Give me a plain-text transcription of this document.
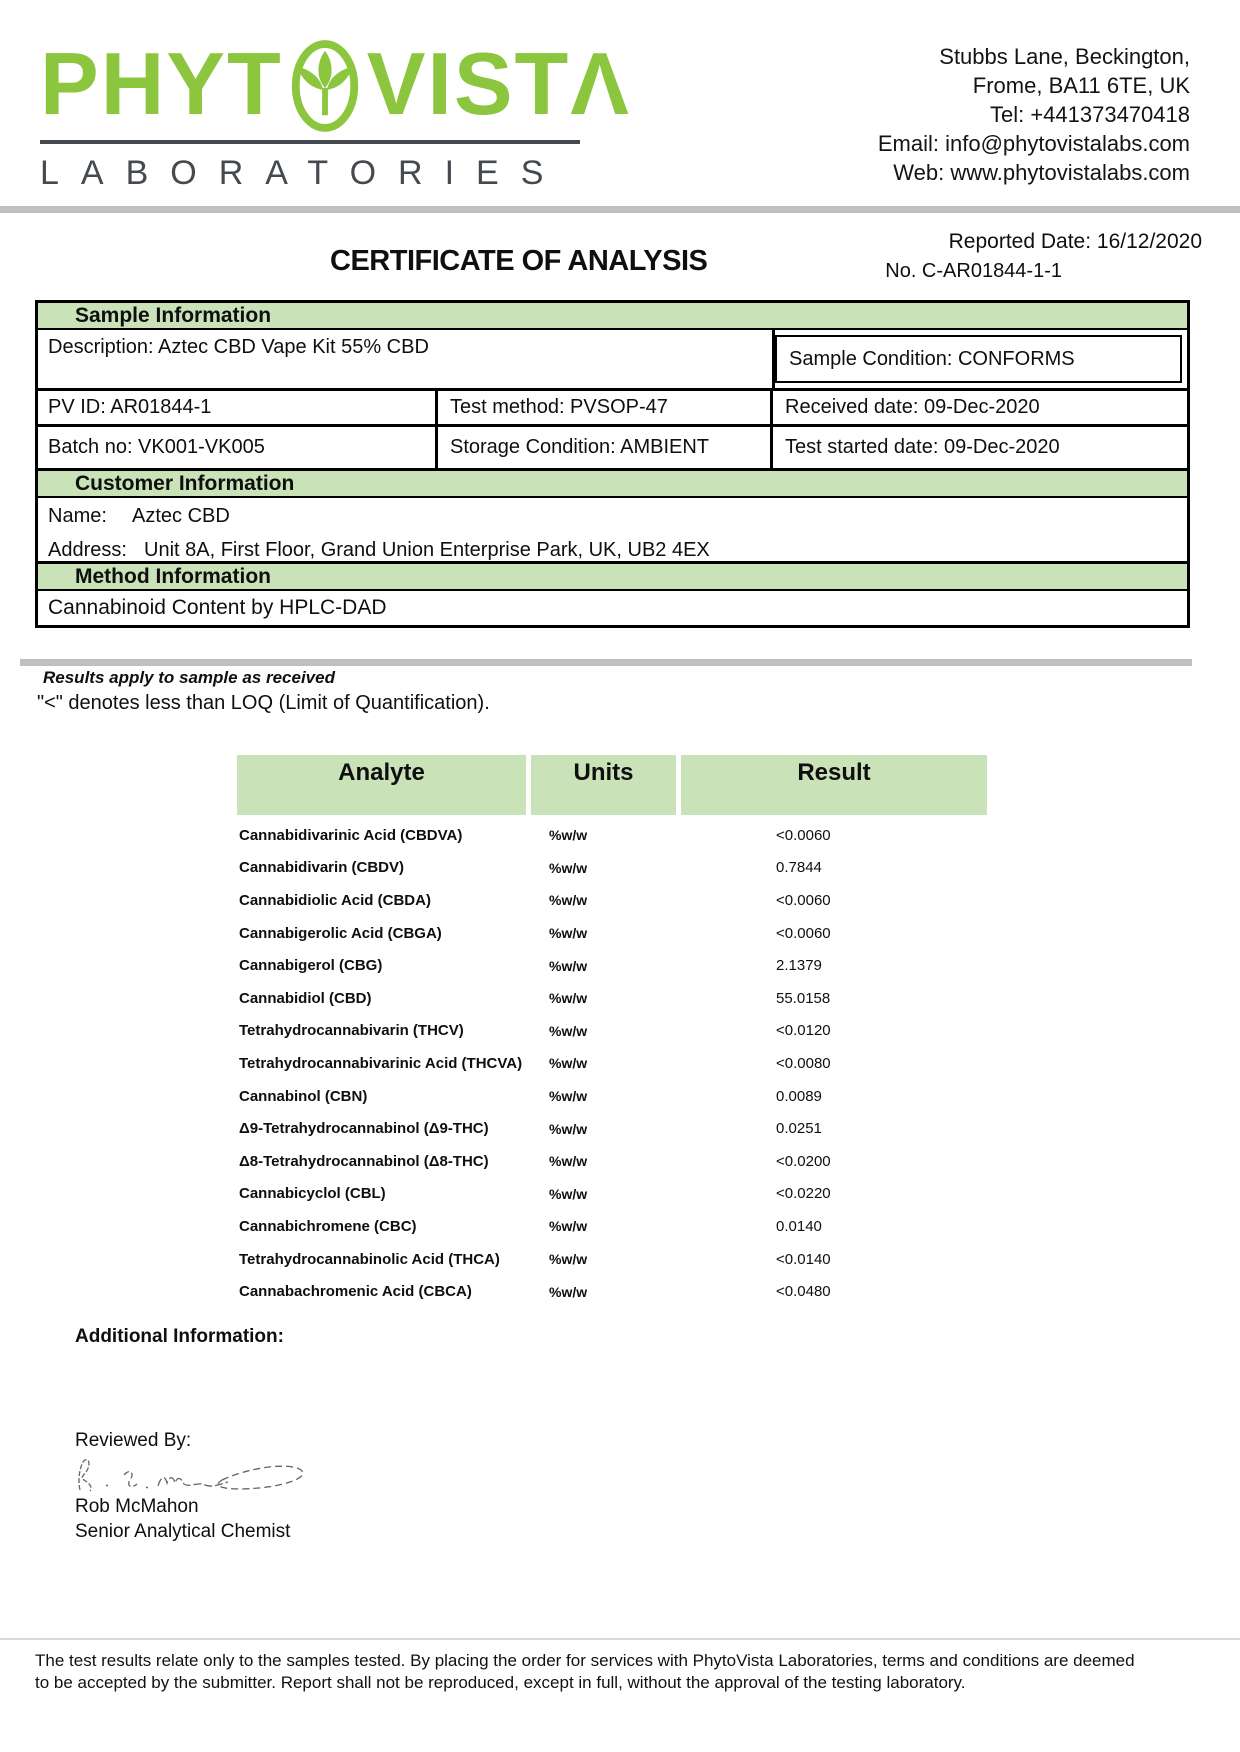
PHYT VISTΛ
LABORATORIES
Stubbs Lane, Beckington,
Frome, BA11 6TE, UK
Tel: +441373470418
Email: info@phytovistalabs.com
Web: www.phytovistalabs.com
Reported Date: 16/12/2020
CERTIFICATE OF ANALYSIS	No. C-AR01844-1-1
Sample Information
Description: Aztec CBD Vape Kit 55% CBD
Sample Condition: CONFORMS
PV ID: AR01844-1	Test method: PVSOP-47	Received date: 09-Dec-2020
Batch no: VK001-VK005	Storage Condition: AMBIENT	Test started date: 09-Dec-2020
Customer Information
Name: Aztec CBD
Address: Unit 8A, First Floor, Grand Union Enterprise Park, UK, UB2 4EX
Method Information
Cannabinoid Content by HPLC-DAD
Results apply to sample as received
"<" denotes less than LOQ (Limit of Quantification).
Analyte	Units	Result
Cannabidivarinic Acid (CBDVA)	%w/w	<0.0060
Cannabidivarin (CBDV)	%w/w	0.7844
Cannabidiolic Acid (CBDA)	%w/w	<0.0060
Cannabigerolic Acid (CBGA)	%w/w	<0.0060
Cannabigerol (CBG)	%w/w	2.1379
Cannabidiol (CBD)	%w/w	55.0158
Tetrahydrocannabivarin (THCV)	%w/w	<0.0120
Tetrahydrocannabivarinic Acid (THCVA)	%w/w	<0.0080
Cannabinol (CBN)	%w/w	0.0089
Δ9-Tetrahydrocannabinol (Δ9-THC)	%w/w	0.0251
Δ8-Tetrahydrocannabinol (Δ8-THC)	%w/w	<0.0200
Cannabicyclol (CBL)	%w/w	<0.0220
Cannabichromene (CBC)	%w/w	0.0140
Tetrahydrocannabinolic Acid (THCA)	%w/w	<0.0140
Cannabachromenic Acid (CBCA)	%w/w	<0.0480
Additional Information:
Reviewed By:
Rob McMahon
Senior Analytical Chemist

The test results relate only to the samples tested. By placing the order for services with PhytoVista Laboratories, terms and conditions are deemed to be accepted by the submitter. Report shall not be reproduced, except in full, without the approval of the testing laboratory.
